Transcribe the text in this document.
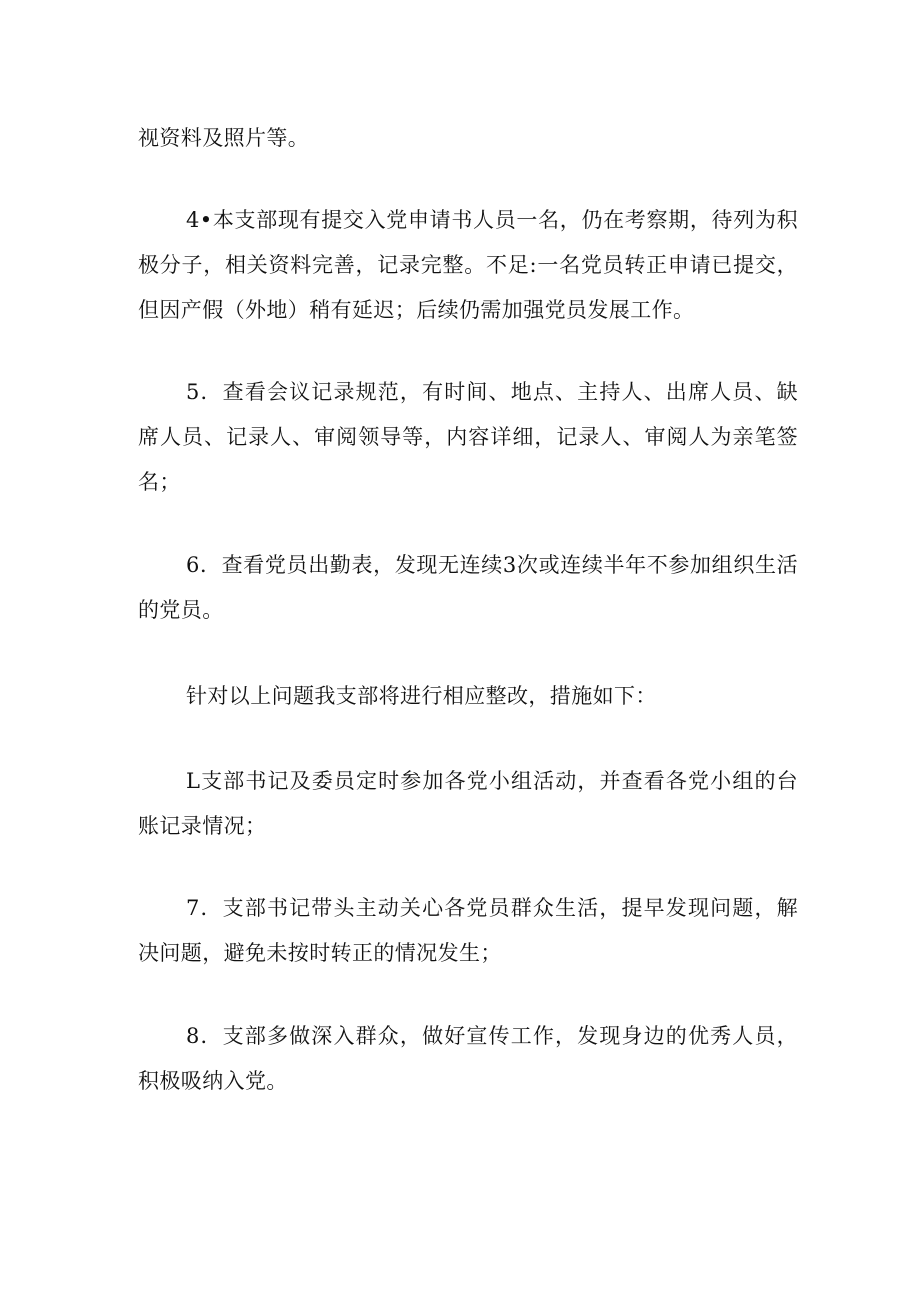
视资料及照片等。

4•本支部现有提交入党申请书人员一名，仍在考察期，待列为积极分子，相关资料完善，记录完整。不足:一名党员转正申请已提交，但因产假（外地）稍有延迟；后续仍需加强党员发展工作。

5．查看会议记录规范，有时间、地点、主持人、出席人员、缺席人员、记录人、审阅领导等，内容详细，记录人、审阅人为亲笔签名；

6．查看党员出勤表，发现无连续3次或连续半年不参加组织生活的党员。

针对以上问题我支部将进行相应整改，措施如下：

L支部书记及委员定时参加各党小组活动，并查看各党小组的台账记录情况；

7．支部书记带头主动关心各党员群众生活，提早发现问题，解决问题，避免未按时转正的情况发生；

8．支部多做深入群众，做好宣传工作，发现身边的优秀人员，积极吸纳入党。
